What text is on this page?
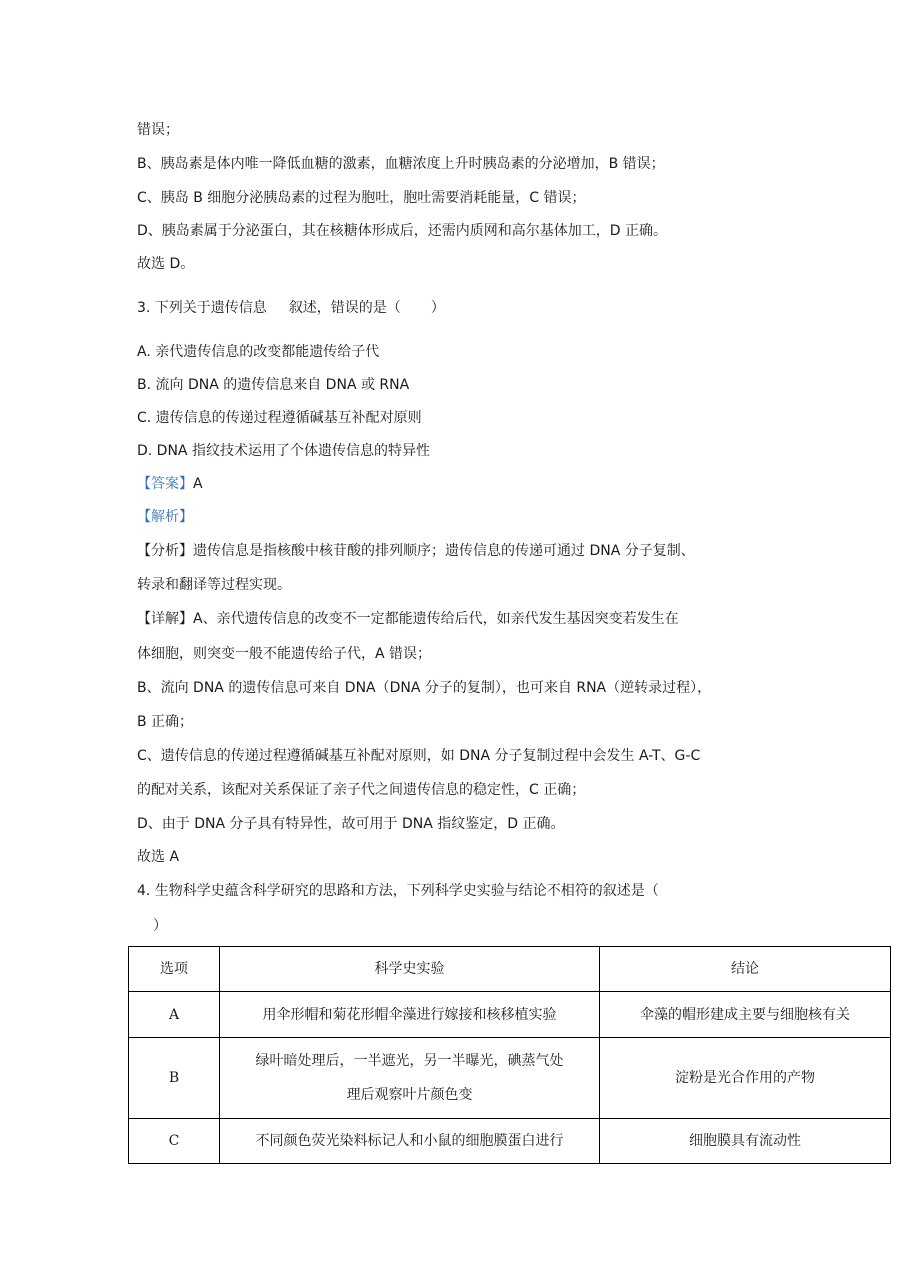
错误；
B、胰岛素是体内唯一降低血糖的激素，血糖浓度上升时胰岛素的分泌增加，B 错误；
C、胰岛 B 细胞分泌胰岛素的过程为胞吐，胞吐需要消耗能量，C 错误；
D、胰岛素属于分泌蛋白，其在核糖体形成后，还需内质网和高尔基体加工，D 正确。
故选 D。
3. 下列关于遗传信息 叙述，错误的是（ ）
A. 亲代遗传信息的改变都能遗传给子代
B. 流向 DNA 的遗传信息来自 DNA 或 RNA
C. 遗传信息的传递过程遵循碱基互补配对原则
D. DNA 指纹技术运用了个体遗传信息的特异性
【答案】A
【解析】
【分析】遗传信息是指核酸中核苷酸的排列顺序；遗传信息的传递可通过 DNA 分子复制、
转录和翻译等过程实现。
【详解】A、亲代遗传信息的改变不一定都能遗传给后代，如亲代发生基因突变若发生在
体细胞，则突变一般不能遗传给子代，A 错误；
B、流向 DNA 的遗传信息可来自 DNA（DNA 分子的复制），也可来自 RNA（逆转录过程），
B 正确；
C、遗传信息的传递过程遵循碱基互补配对原则，如 DNA 分子复制过程中会发生 A-T、G-C
的配对关系，该配对关系保证了亲子代之间遗传信息的稳定性，C 正确；
D、由于 DNA 分子具有特异性，故可用于 DNA 指纹鉴定，D 正确。
故选 A
4. 生物科学史蕴含科学研究的思路和方法，下列科学史实验与结论不相符的叙述是（
）
选项	科学史实验	结论
A	用伞形帽和菊花形帽伞藻进行嫁接和核移植实验	伞藻的帽形建成主要与细胞核有关
B	绿叶暗处理后，一半遮光，另一半曝光，碘蒸气处
理后观察叶片颜色变	淀粉是光合作用的产物
C	不同颜色荧光染料标记人和小鼠的细胞膜蛋白进行	细胞膜具有流动性
